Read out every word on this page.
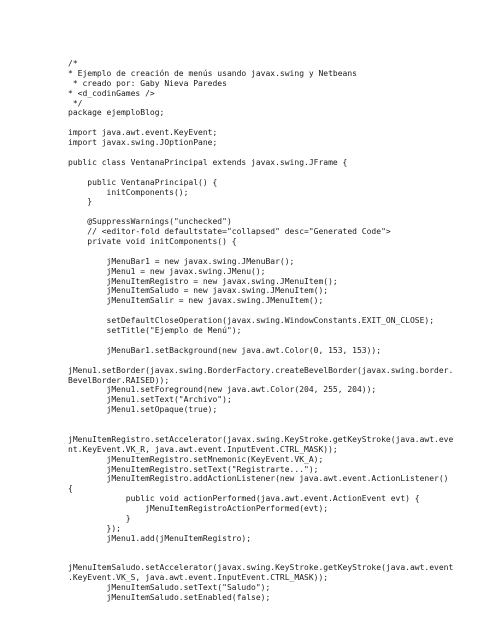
/*
* Ejemplo de creación de menús usando javax.swing y Netbeans
* creado por: Gaby Nieva Paredes
* <d_codinGames />
*/
package ejemploBlog;
import java.awt.event.KeyEvent;
import javax.swing.JOptionPane;
public class VentanaPrincipal extends javax.swing.JFrame {
public VentanaPrincipal() {
initComponents();
}
@SuppressWarnings("unchecked")
// <editor-fold defaultstate="collapsed" desc="Generated Code">
private void initComponents() {
jMenuBar1 = new javax.swing.JMenuBar();
jMenu1 = new javax.swing.JMenu();
jMenuItemRegistro = new javax.swing.JMenuItem();
jMenuItemSaludo = new javax.swing.JMenuItem();
jMenuItemSalir = new javax.swing.JMenuItem();
setDefaultCloseOperation(javax.swing.WindowConstants.EXIT_ON_CLOSE);
setTitle("Ejemplo de Menú");
jMenuBar1.setBackground(new java.awt.Color(0, 153, 153));
jMenu1.setBorder(javax.swing.BorderFactory.createBevelBorder(javax.swing.border.
BevelBorder.RAISED));
jMenu1.setForeground(new java.awt.Color(204, 255, 204));
jMenu1.setText("Archivo");
jMenu1.setOpaque(true);
jMenuItemRegistro.setAccelerator(javax.swing.KeyStroke.getKeyStroke(java.awt.eve
nt.KeyEvent.VK_R, java.awt.event.InputEvent.CTRL_MASK));
jMenuItemRegistro.setMnemonic(KeyEvent.VK_A);
jMenuItemRegistro.setText("Registrarte...");
jMenuItemRegistro.addActionListener(new java.awt.event.ActionListener()
{
public void actionPerformed(java.awt.event.ActionEvent evt) {
jMenuItemRegistroActionPerformed(evt);
}
});
jMenu1.add(jMenuItemRegistro);
jMenuItemSaludo.setAccelerator(javax.swing.KeyStroke.getKeyStroke(java.awt.event
.KeyEvent.VK_S, java.awt.event.InputEvent.CTRL_MASK));
jMenuItemSaludo.setText("Saludo");
jMenuItemSaludo.setEnabled(false);
